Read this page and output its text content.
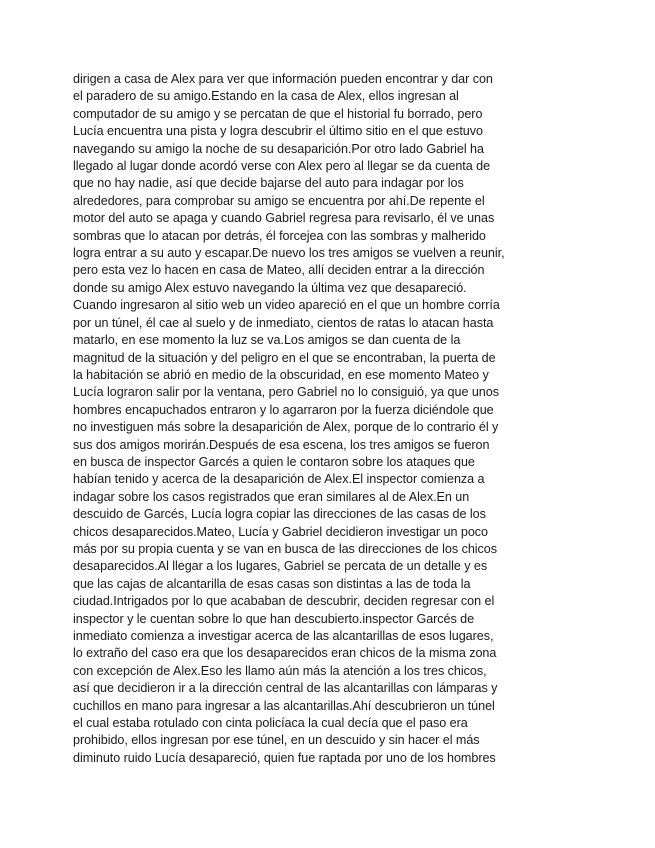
dirigen a casa de Alex para ver que información pueden encontrar y dar con
el paradero de su amigo.Estando en la casa de Alex, ellos ingresan al
computador de su amigo y se percatan de que el historial fu borrado, pero
Lucía encuentra una pista y logra descubrir el último sitio en el que estuvo
navegando su amigo la noche de su desaparición.Por otro lado Gabriel ha
llegado al lugar donde acordó verse con Alex pero al llegar se da cuenta de
que no hay nadie, así que decide bajarse del auto para indagar por los
alrededores, para comprobar su amigo se encuentra por ahí.De repente el
motor del auto se apaga y cuando Gabriel regresa para revisarlo, él ve unas
sombras que lo atacan por detrás, él forcejea con las sombras y malherido
logra entrar a su auto y escapar.De nuevo los tres amigos se vuelven a reunir,
pero esta vez lo hacen en casa de Mateo, allí deciden entrar a la dirección
donde su amigo Alex estuvo navegando la última vez que desapareció.
Cuando ingresaron al sitio web un video apareció en el que un hombre corría
por un túnel, él cae al suelo y de inmediato, cientos de ratas lo atacan hasta
matarlo, en ese momento la luz se va.Los amigos se dan cuenta de la
magnitud de la situación y del peligro en el que se encontraban, la puerta de
la habitación se abrió en medio de la obscuridad, en ese momento Mateo y
Lucía lograron salir por la ventana, pero Gabriel no lo consiguió, ya que unos
hombres encapuchados entraron y lo agarraron por la fuerza diciéndole que
no investiguen más sobre la desaparición de Alex, porque de lo contrario él y
sus dos amigos morirán.Después de esa escena, los tres amigos se fueron
en busca de inspector Garcés a quien le contaron sobre los ataques que
habían tenido y acerca de la desaparición de Alex.El inspector comienza a
indagar sobre los casos registrados que eran similares al de Alex.En un
descuido de Garcés, Lucía logra copiar las direcciones de las casas de los
chicos desaparecidos.Mateo, Lucía y Gabriel decidieron investigar un poco
más por su propia cuenta y se van en busca de las direcciones de los chicos
desaparecidos.Al llegar a los lugares, Gabriel se percata de un detalle y es
que las cajas de alcantarilla de esas casas son distintas a las de toda la
ciudad.Intrigados por lo que acababan de descubrir, deciden regresar con el
inspector y le cuentan sobre lo que han descubierto.inspector Garcés de
inmediato comienza a investigar acerca de las alcantarillas de esos lugares,
lo extraño del caso era que los desaparecidos eran chicos de la misma zona
con excepción de Alex.Eso les llamo aún más la atención a los tres chicos,
así que decidieron ir a la dirección central de las alcantarillas con lámparas y
cuchillos en mano para ingresar a las alcantarillas.Ahí descubrieron un túnel
el cual estaba rotulado con cinta policíaca la cual decía que el paso era
prohibido, ellos ingresan por ese túnel, en un descuido y sin hacer el más
diminuto ruido Lucía desapareció, quien fue raptada por uno de los hombres
